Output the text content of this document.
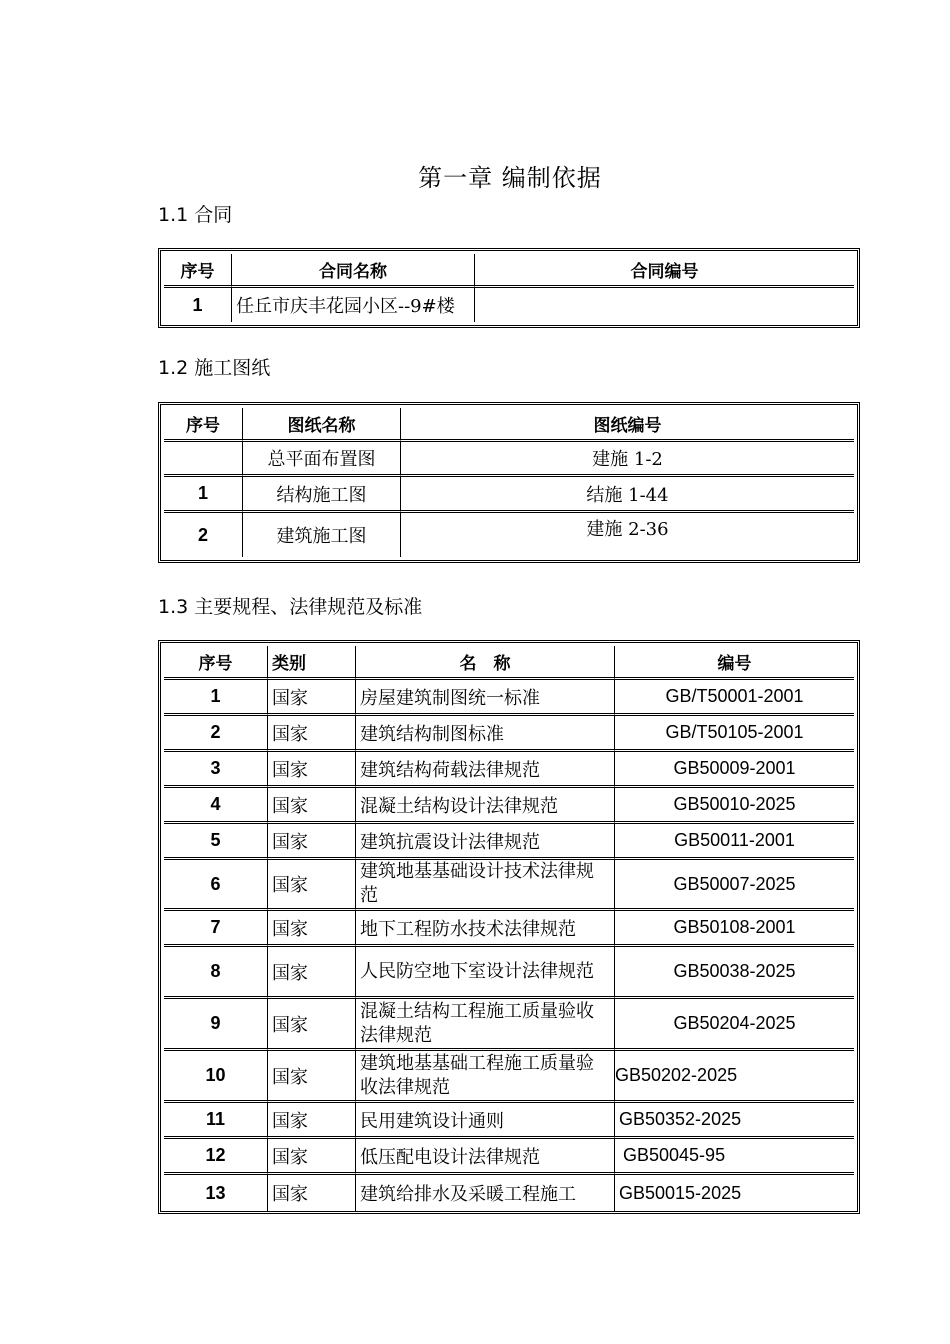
第一章 编制依据
1.1 合同
序号	合同名称	合同编号
1	任丘市庆丰花园小区--9#楼	
1.2 施工图纸
序号	图纸名称	图纸编号
	总平面布置图	建施 1-2
1	结构施工图	结施 1-44
2	建筑施工图	建施 2-36
1.3 主要规程、法律规范及标准
序号	类别	名　称	编号
1	国家	房屋建筑制图统一标准	GB/T50001-2001
2	国家	建筑结构制图标准	GB/T50105-2001
3	国家	建筑结构荷载法律规范	GB50009-2001
4	国家	混凝土结构设计法律规范	GB50010-2025
5	国家	建筑抗震设计法律规范	GB50011-2001
6	国家	建筑地基基础设计技术法律规范	GB50007-2025
7	国家	地下工程防水技术法律规范	GB50108-2001
8	国家	人民防空地下室设计法律规范	GB50038-2025
9	国家	混凝土结构工程施工质量验收法律规范	GB50204-2025
10	国家	建筑地基基础工程施工质量验收法律规范	GB50202-2025
11	国家	民用建筑设计通则	GB50352-2025
12	国家	低压配电设计法律规范	GB50045-95
13	国家	建筑给排水及采暖工程施工	GB50015-2025
